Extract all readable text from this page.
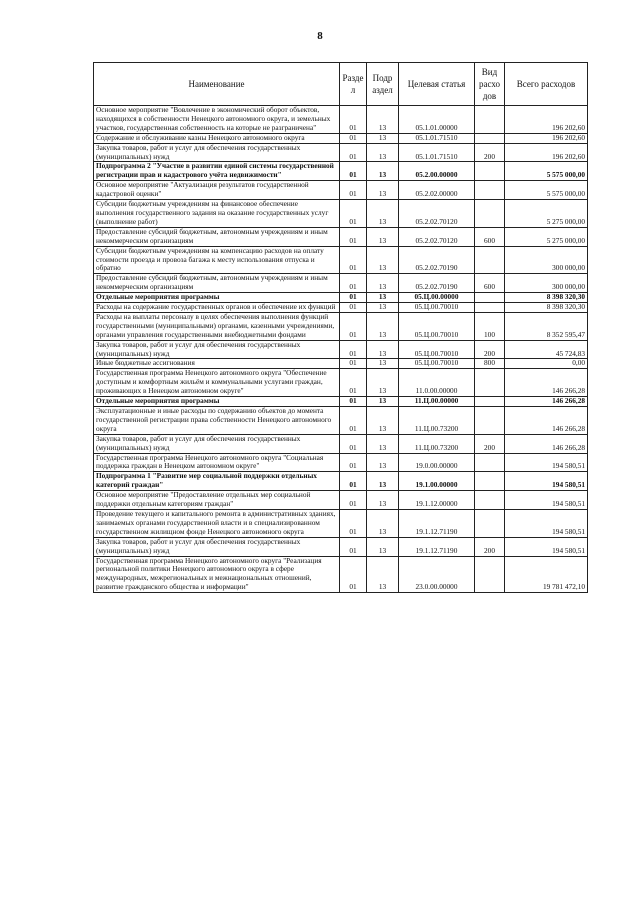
8
Наименование	Разде л	Подр аздел	Целевая статья	Вид расхо дов	Всего расходов
Основное мероприятие "Вовлечение в экономический оборот объектов, находящихся в собственности Ненецкого автономного округа, и земельных участков, государственная собственность на которые не разграничена"	01	13	05.1.01.00000		196 202,60
Содержание и обслуживание казны Ненецкого автономного округа	01	13	05.1.01.71510		196 202,60
Закупка товаров, работ и услуг для обеспечения государственных (муниципальных) нужд	01	13	05.1.01.71510	200	196 202,60
Подпрограмма 2 "Участие в развитии единой системы государственной регистрации прав и кадастрового учёта недвижимости"	01	13	05.2.00.00000		5 575 000,00
Основное мероприятие "Актуализация результатов государственной кадастровой оценки"	01	13	05.2.02.00000		5 575 000,00
Субсидии бюджетным учреждениям на финансовое обеспечение выполнения государственного задания на оказание государственных услуг (выполнение работ)	01	13	05.2.02.70120		5 275 000,00
Предоставление субсидий бюджетным, автономным учреждениям и иным некоммерческим организациям	01	13	05.2.02.70120	600	5 275 000,00
Субсидии бюджетным учреждениям на компенсацию расходов на оплату стоимости проезда и провоза багажа к месту использования отпуска и обратно	01	13	05.2.02.70190		300 000,00
Предоставление субсидий бюджетным, автономным учреждениям и иным некоммерческим организациям	01	13	05.2.02.70190	600	300 000,00
Отдельные мероприятия программы	01	13	05.Ц.00.00000		8 398 320,30
Расходы на содержание государственных органов и обеспечение их функций	01	13	05.Ц.00.70010		8 398 320,30
Расходы на выплаты персоналу в целях обеспечения выполнения функций государственными (муниципальными) органами, казенными учреждениями, органами управления государственными внебюджетными фондами	01	13	05.Ц.00.70010	100	8 352 595,47
Закупка товаров, работ и услуг для обеспечения государственных (муниципальных) нужд	01	13	05.Ц.00.70010	200	45 724,83
Иные бюджетные ассигнования	01	13	05.Ц.00.70010	800	0,00
Государственная программа Ненецкого автономного округа "Обеспечение доступным и комфортным жильём и коммунальными услугами граждан, проживающих в Ненецком автономном округе"	01	13	11.0.00.00000		146 266,28
Отдельные мероприятия программы	01	13	11.Ц.00.00000		146 266,28
Эксплуатационные и иные расходы по содержанию объектов до момента государственной регистрации права собственности Ненецкого автономного округа	01	13	11.Ц.00.73200		146 266,28
Закупка товаров, работ и услуг для обеспечения государственных (муниципальных) нужд	01	13	11.Ц.00.73200	200	146 266,28
Государственная программа Ненецкого автономного округа "Социальная поддержка граждан в Ненецком автономном округе"	01	13	19.0.00.00000		194 580,51
Подпрограмма 1 "Развитие мер социальной поддержки отдельных категорий граждан"	01	13	19.1.00.00000		194 580,51
Основное мероприятие "Предоставление отдельных мер социальной поддержки отдельным категориям граждан"	01	13	19.1.12.00000		194 580,51
Проведение текущего и капитального ремонта в административных зданиях, занимаемых органами государственной власти и в специализированном государственном жилищном фонде Ненецкого автономного округа	01	13	19.1.12.71190		194 580,51
Закупка товаров, работ и услуг для обеспечения государственных (муниципальных) нужд	01	13	19.1.12.71190	200	194 580,51
Государственная программа Ненецкого автономного округа "Реализация региональной политики Ненецкого автономного округа в сфере международных, межрегиональных и межнациональных отношений, развитие гражданского общества и информации"	01	13	23.0.00.00000		19 781 472,10
